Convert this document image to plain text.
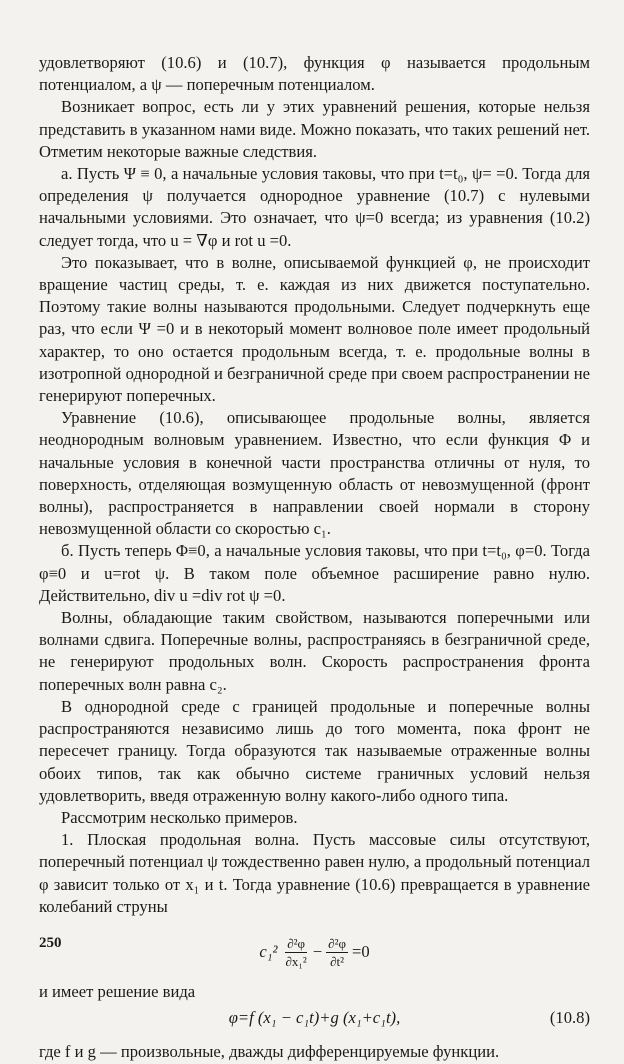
удовлетворяют (10.6) и (10.7), функция φ называется продольным потенциалом, а ψ — поперечным потенциалом.

Возникает вопрос, есть ли у этих уравнений решения, которые нельзя представить в указанном нами виде. Можно показать, что таких решений нет. Отметим некоторые важные следствия.

а. Пусть Ψ ≡ 0, а начальные условия таковы, что при t=t₀, ψ= =0. Тогда для определения ψ получается однородное уравнение (10.7) с нулевыми начальными условиями. Это означает, что ψ=0 всегда; из уравнения (10.2) следует тогда, что u = ∇φ и rot u =0.

Это показывает, что в волне, описываемой функцией φ, не происходит вращение частиц среды, т. е. каждая из них движется поступательно. Поэтому такие волны называются продольными. Следует подчеркнуть еще раз, что если Ψ =0 и в некоторый момент волновое поле имеет продольный характер, то оно остается продольным всегда, т. е. продольные волны в изотропной однородной и безграничной среде при своем распространении не генерируют поперечных.

Уравнение (10.6), описывающее продольные волны, является неоднородным волновым уравнением. Известно, что если функция Φ и начальные условия в конечной части пространства отличны от нуля, то поверхность, отделяющая возмущенную область от невозмущенной (фронт волны), распространяется в направлении своей нормали в сторону невозмущенной области со скоростью c₁.

б. Пусть теперь Φ≡0, а начальные условия таковы, что при t=t₀, φ=0. Тогда φ≡0 и u=rot ψ. В таком поле объемное расширение равно нулю. Действительно, div u =div rot ψ =0.

Волны, обладающие таким свойством, называются поперечными или волнами сдвига. Поперечные волны, распространяясь в безграничной среде, не генерируют продольных волн. Скорость распространения фронта поперечных волн равна c₂.

В однородной среде с границей продольные и поперечные волны распространяются независимо лишь до того момента, пока фронт не пересечет границу. Тогда образуются так называемые отраженные волны обоих типов, так как обычно системе граничных условий нельзя удовлетворить, введя отраженную волну какого-либо одного типа.

Рассмотрим несколько примеров.

1. Плоская продольная волна. Пусть массовые силы отсутствуют, поперечный потенциал ψ тождественно равен нулю, а продольный потенциал φ зависит только от x₁ и t. Тогда уравнение (10.6) превращается в уравнение колебаний струны

$c_1^2 \frac{\text{∂²φ}}{\text{∂x₁²}} - \frac{\text{∂²φ}}{\text{∂t²}} =0$

и имеет решение вида

φ=f (x₁ − c₁t)+g (x₁+c₁t),	(10.8)

где f и g — произвольные, дважды дифференцируемые функции.

250
